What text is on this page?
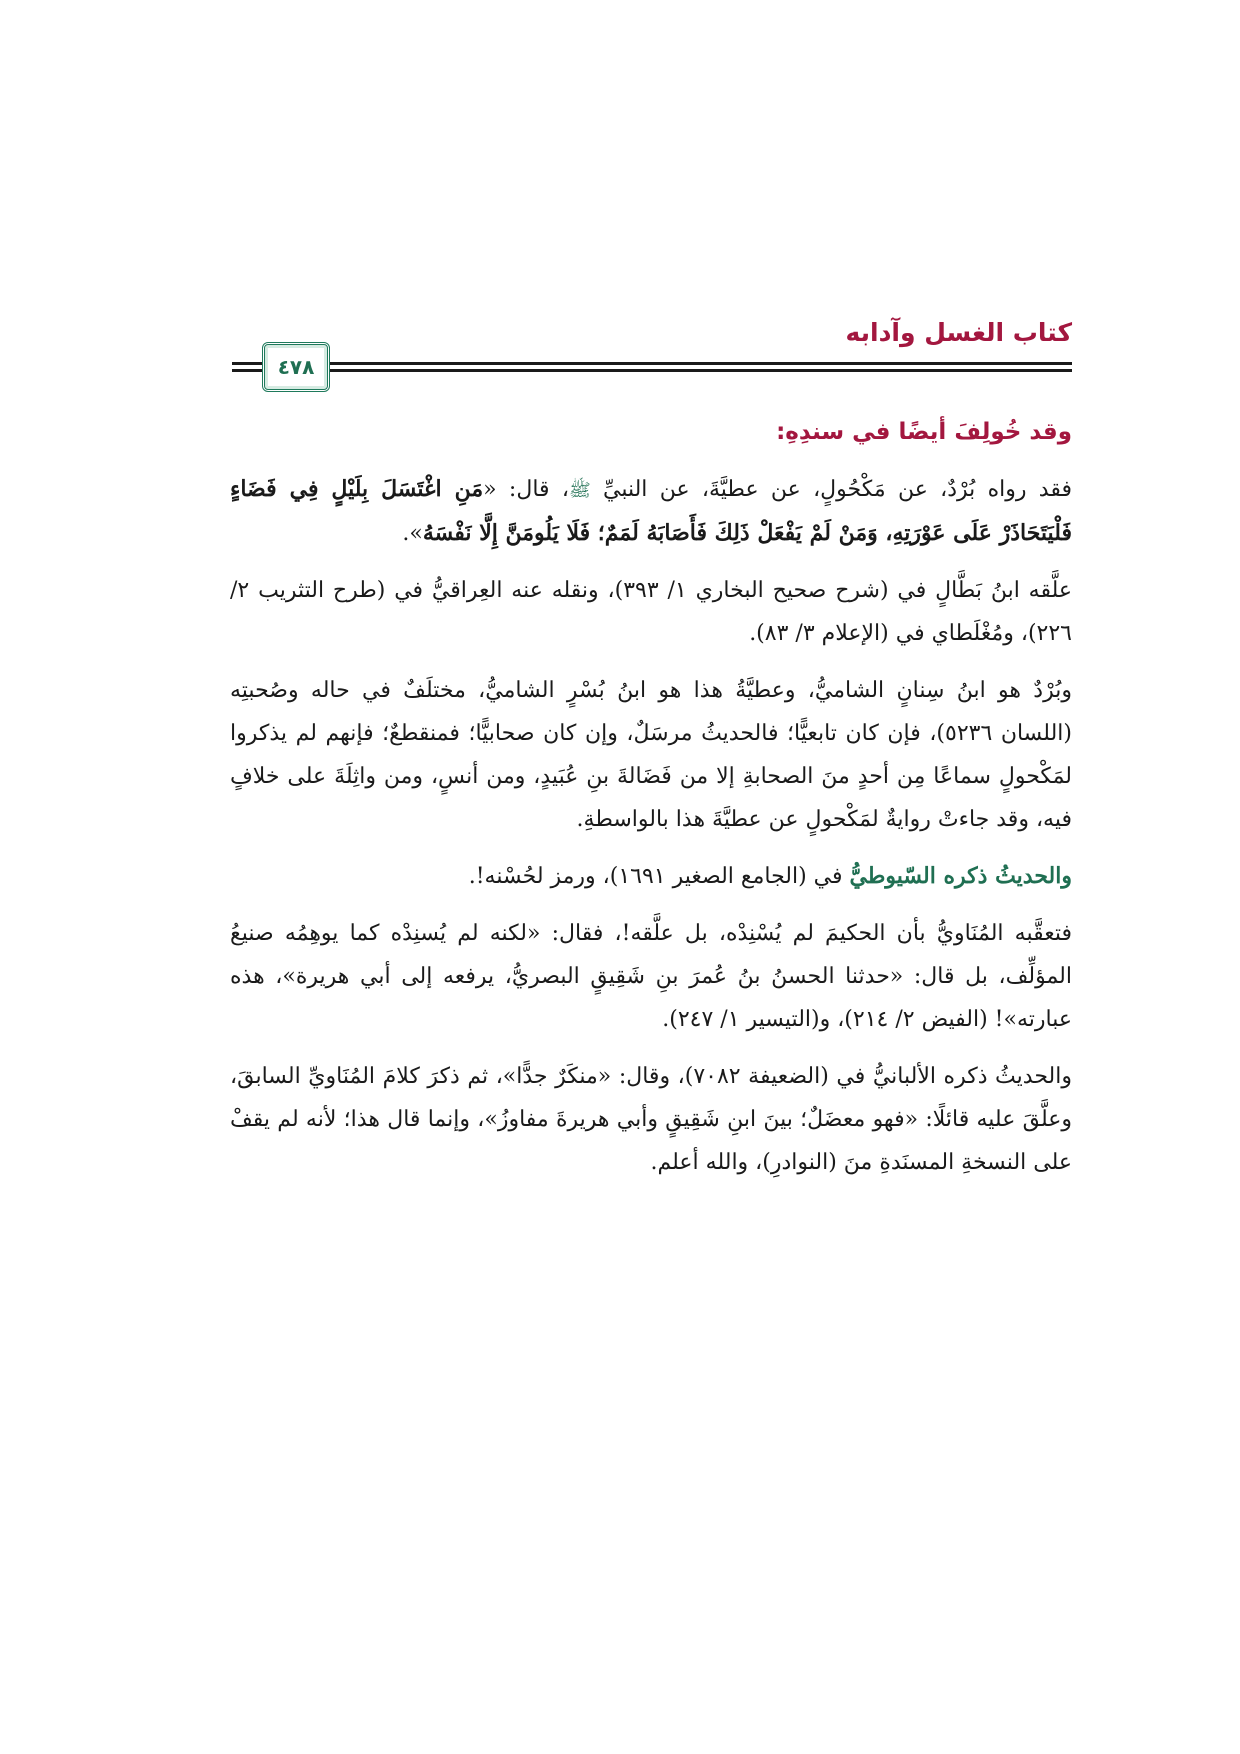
كتاب الغسل وآدابه
٤٧٨
وقد خُولِفَ أيضًا في سندِهِ:

فقد رواه بُرْدٌ، عن مَكْحُولٍ، عن عطيَّةَ، عن النبيِّ ﷺ، قال: «مَنِ اغْتَسَلَ بِلَيْلٍ فِي فَضَاءٍ فَلْيَتَحَاذَرْ عَلَى عَوْرَتِهِ، وَمَنْ لَمْ يَفْعَلْ ذَلِكَ فَأَصَابَهُ لَمَمٌ؛ فَلَا يَلُومَنَّ إِلَّا نَفْسَهُ».

علَّقه ابنُ بَطَّالٍ في (شرح صحيح البخاري ١/ ٣٩٣)، ونقله عنه العِراقيُّ في (طرح التثريب ٢/ ٢٢٦)، ومُغْلَطاي في (الإعلام ٣/ ٨٣).

وبُرْدٌ هو ابنُ سِنانٍ الشاميُّ، وعطيَّةُ هذا هو ابنُ بُسْرٍ الشاميُّ، مختلَفٌ في حاله وصُحبتِه (اللسان ٥٢٣٦)، فإن كان تابعيًّا؛ فالحديثُ مرسَلٌ، وإن كان صحابيًّا؛ فمنقطعٌ؛ فإنهم لم يذكروا لمَكْحولٍ سماعًا مِن أحدٍ منَ الصحابةِ إلا من فَضَالةَ بنِ عُبَيدٍ، ومن أنسٍ، ومن واثِلَةَ على خلافٍ فيه، وقد جاءتْ روايةٌ لمَكْحولٍ عن عطيَّةَ هذا بالواسطةِ.

والحديثُ ذكره السّيوطيُّ في (الجامع الصغير ١٦٩١)، ورمز لحُسْنه!.

فتعقَّبه المُنَاويُّ بأن الحكيمَ لم يُسْنِدْه، بل علَّقه!، فقال: «لكنه لم يُسنِدْه كما يوهِمُه صنيعُ المؤلِّف، بل قال: «حدثنا الحسنُ بنُ عُمرَ بنِ شَقِيقٍ البصريُّ، يرفعه إلى أبي هريرة»، هذه عبارته»! (الفيض ٢/ ٢١٤)، و(التيسير ١/ ٢٤٧).

والحديثُ ذكره الألبانيُّ في (الضعيفة ٧٠٨٢)، وقال: «منكَرٌ جدًّا»، ثم ذكرَ كلامَ المُنَاويِّ السابقَ، وعلَّقَ عليه قائلًا: «فهو معضَلٌ؛ بينَ ابنِ شَقِيقٍ وأبي هريرةَ مفاوزُ»، وإنما قال هذا؛ لأنه لم يقفْ على النسخةِ المسنَدةِ منَ (النوادرِ)، والله أعلم.
